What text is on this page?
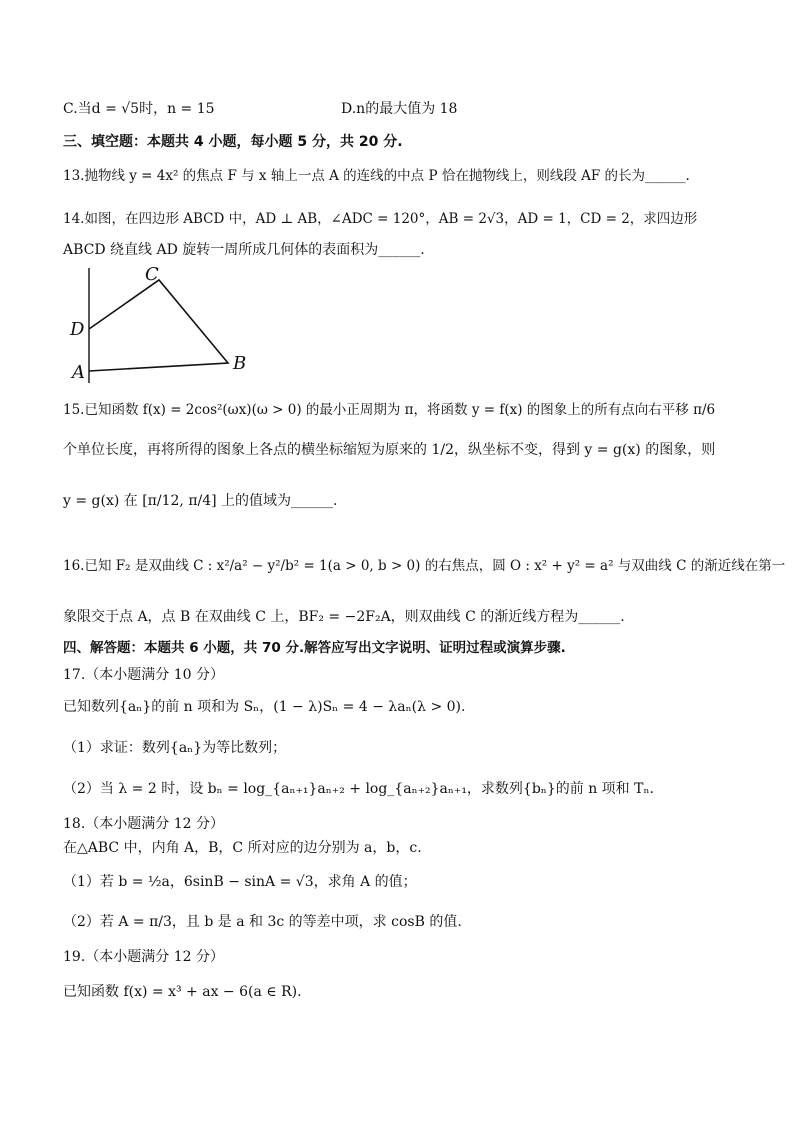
C.当d = √5时，n = 15	D.n的最大值为 18
三、填空题：本题共 4 小题，每小题 5 分，共 20 分.
13.抛物线 y = 4x² 的焦点 F 与 x 轴上一点 A 的连线的中点 P 恰在抛物线上，则线段 AF 的长为______.
14.如图，在四边形 ABCD 中，AD ⊥ AB，∠ADC = 120°，AB = 2√3，AD = 1，CD = 2，求四边形
ABCD 绕直线 AD 旋转一周所成几何体的表面积为______.
C
D
A	B
15.已知函数 f(x) = 2cos²(ωx)(ω > 0) 的最小正周期为 π，将函数 y = f(x) 的图象上的所有点向右平移 π/6
个单位长度，再将所得的图象上各点的横坐标缩短为原来的 1/2，纵坐标不变，得到 y = g(x) 的图象，则
y = g(x) 在 [π/12, π/4] 上的值域为______.
16.已知 F₂ 是双曲线 C : x²/a² − y²/b² = 1(a > 0, b > 0) 的右焦点，圆 O : x² + y² = a² 与双曲线 C 的渐近线在第一
象限交于点 A，点 B 在双曲线 C 上，BF₂ = −2F₂A，则双曲线 C 的渐近线方程为______.
四、解答题：本题共 6 小题，共 70 分.解答应写出文字说明、证明过程或演算步骤.
17.（本小题满分 10 分）
已知数列{aₙ}的前 n 项和为 Sₙ，(1 − λ)Sₙ = 4 − λaₙ(λ > 0).
（1）求证：数列{aₙ}为等比数列；
（2）当 λ = 2 时，设 bₙ = log_{aₙ₊₁}aₙ₊₂ + log_{aₙ₊₂}aₙ₊₁，求数列{bₙ}的前 n 项和 Tₙ.
18.（本小题满分 12 分）
在△ABC 中，内角 A，B，C 所对应的边分别为 a，b，c.
（1）若 b = ½a，6sinB − sinA = √3，求角 A 的值；
（2）若 A = π/3，且 b 是 a 和 3c 的等差中项，求 cosB 的值.
19.（本小题满分 12 分）
已知函数 f(x) = x³ + ax − 6(a ∈ R).
